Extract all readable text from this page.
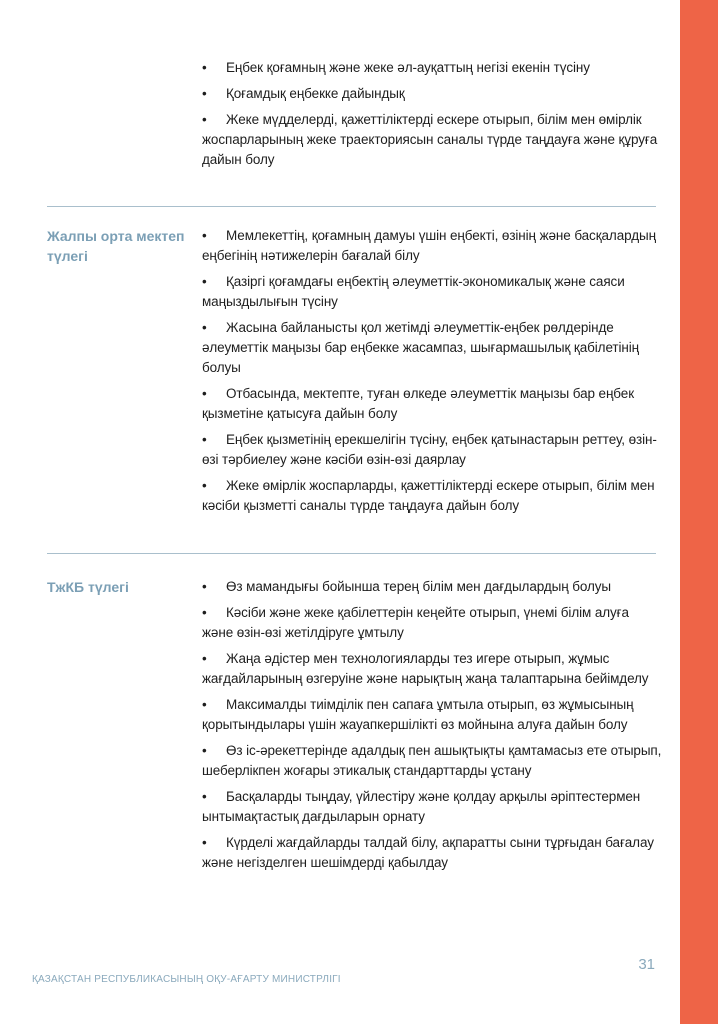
• Еңбек қоғамның және жеке әл-ауқаттың негізі екенін түсіну
• Қоғамдық еңбекке дайындық
• Жеке мүдделерді, қажеттіліктерді ескере отырып, білім мен өмірлік жоспарларының жеке траекториясын саналы түрде таңдауға және құруға дайын болу
Жалпы орта мектеп түлегі
• Мемлекеттің, қоғамның дамуы үшін еңбекті, өзінің және басқалардың еңбегінің нәтижелерін бағалай білу
• Қазіргі қоғамдағы еңбектің әлеуметтік-экономикалық және саяси маңыздылығын түсіну
• Жасына байланысты қол жетімді әлеуметтік-еңбек рөлдерінде әлеуметтік маңызы бар еңбекке жасампаз, шығармашылық қабілетінің болуы
• Отбасында, мектепте, туған өлкеде әлеуметтік маңызы бар еңбек қызметіне қатысуға дайын болу
• Еңбек қызметінің ерекшелігін түсіну, еңбек қатынастарын реттеу, өзін-өзі тәрбиелеу және кәсіби өзін-өзі даярлау
• Жеке өмірлік жоспарларды, қажеттіліктерді ескере отырып, білім мен кәсіби қызметті саналы түрде таңдауға дайын болу
ТжКБ түлегі	• Өз мамандығы бойынша терең білім мен дағдылардың болуы
• Кәсіби және жеке қабілеттерін кеңейте отырып, үнемі білім алуға және өзін-өзі жетілдіруге ұмтылу
• Жаңа әдістер мен технологияларды тез игере отырып, жұмыс жағдайларының өзгеруіне және нарықтың жаңа талаптарына бейімделу
• Максималды тиімділік пен сапаға ұмтыла отырып, өз жұмысының қорытындылары үшін жауапкершілікті өз мойнына алуға дайын болу
• Өз іс-әрекеттерінде адалдық пен ашықтықты қамтамасыз ете отырып, шеберлікпен жоғары этикалық стандарттарды ұстану
• Басқаларды тыңдау, үйлестіру және қолдау арқылы әріптестермен ынтымақтастық дағдыларын орнату
• Күрделі жағдайларды талдай білу, ақпаратты сыни тұрғыдан бағалау және негізделген шешімдерді қабылдау
31
ҚАЗАҚСТАН РЕСПУБЛИКАСЫНЫҢ ОҚУ-АҒАРТУ МИНИСТРЛІГІ
